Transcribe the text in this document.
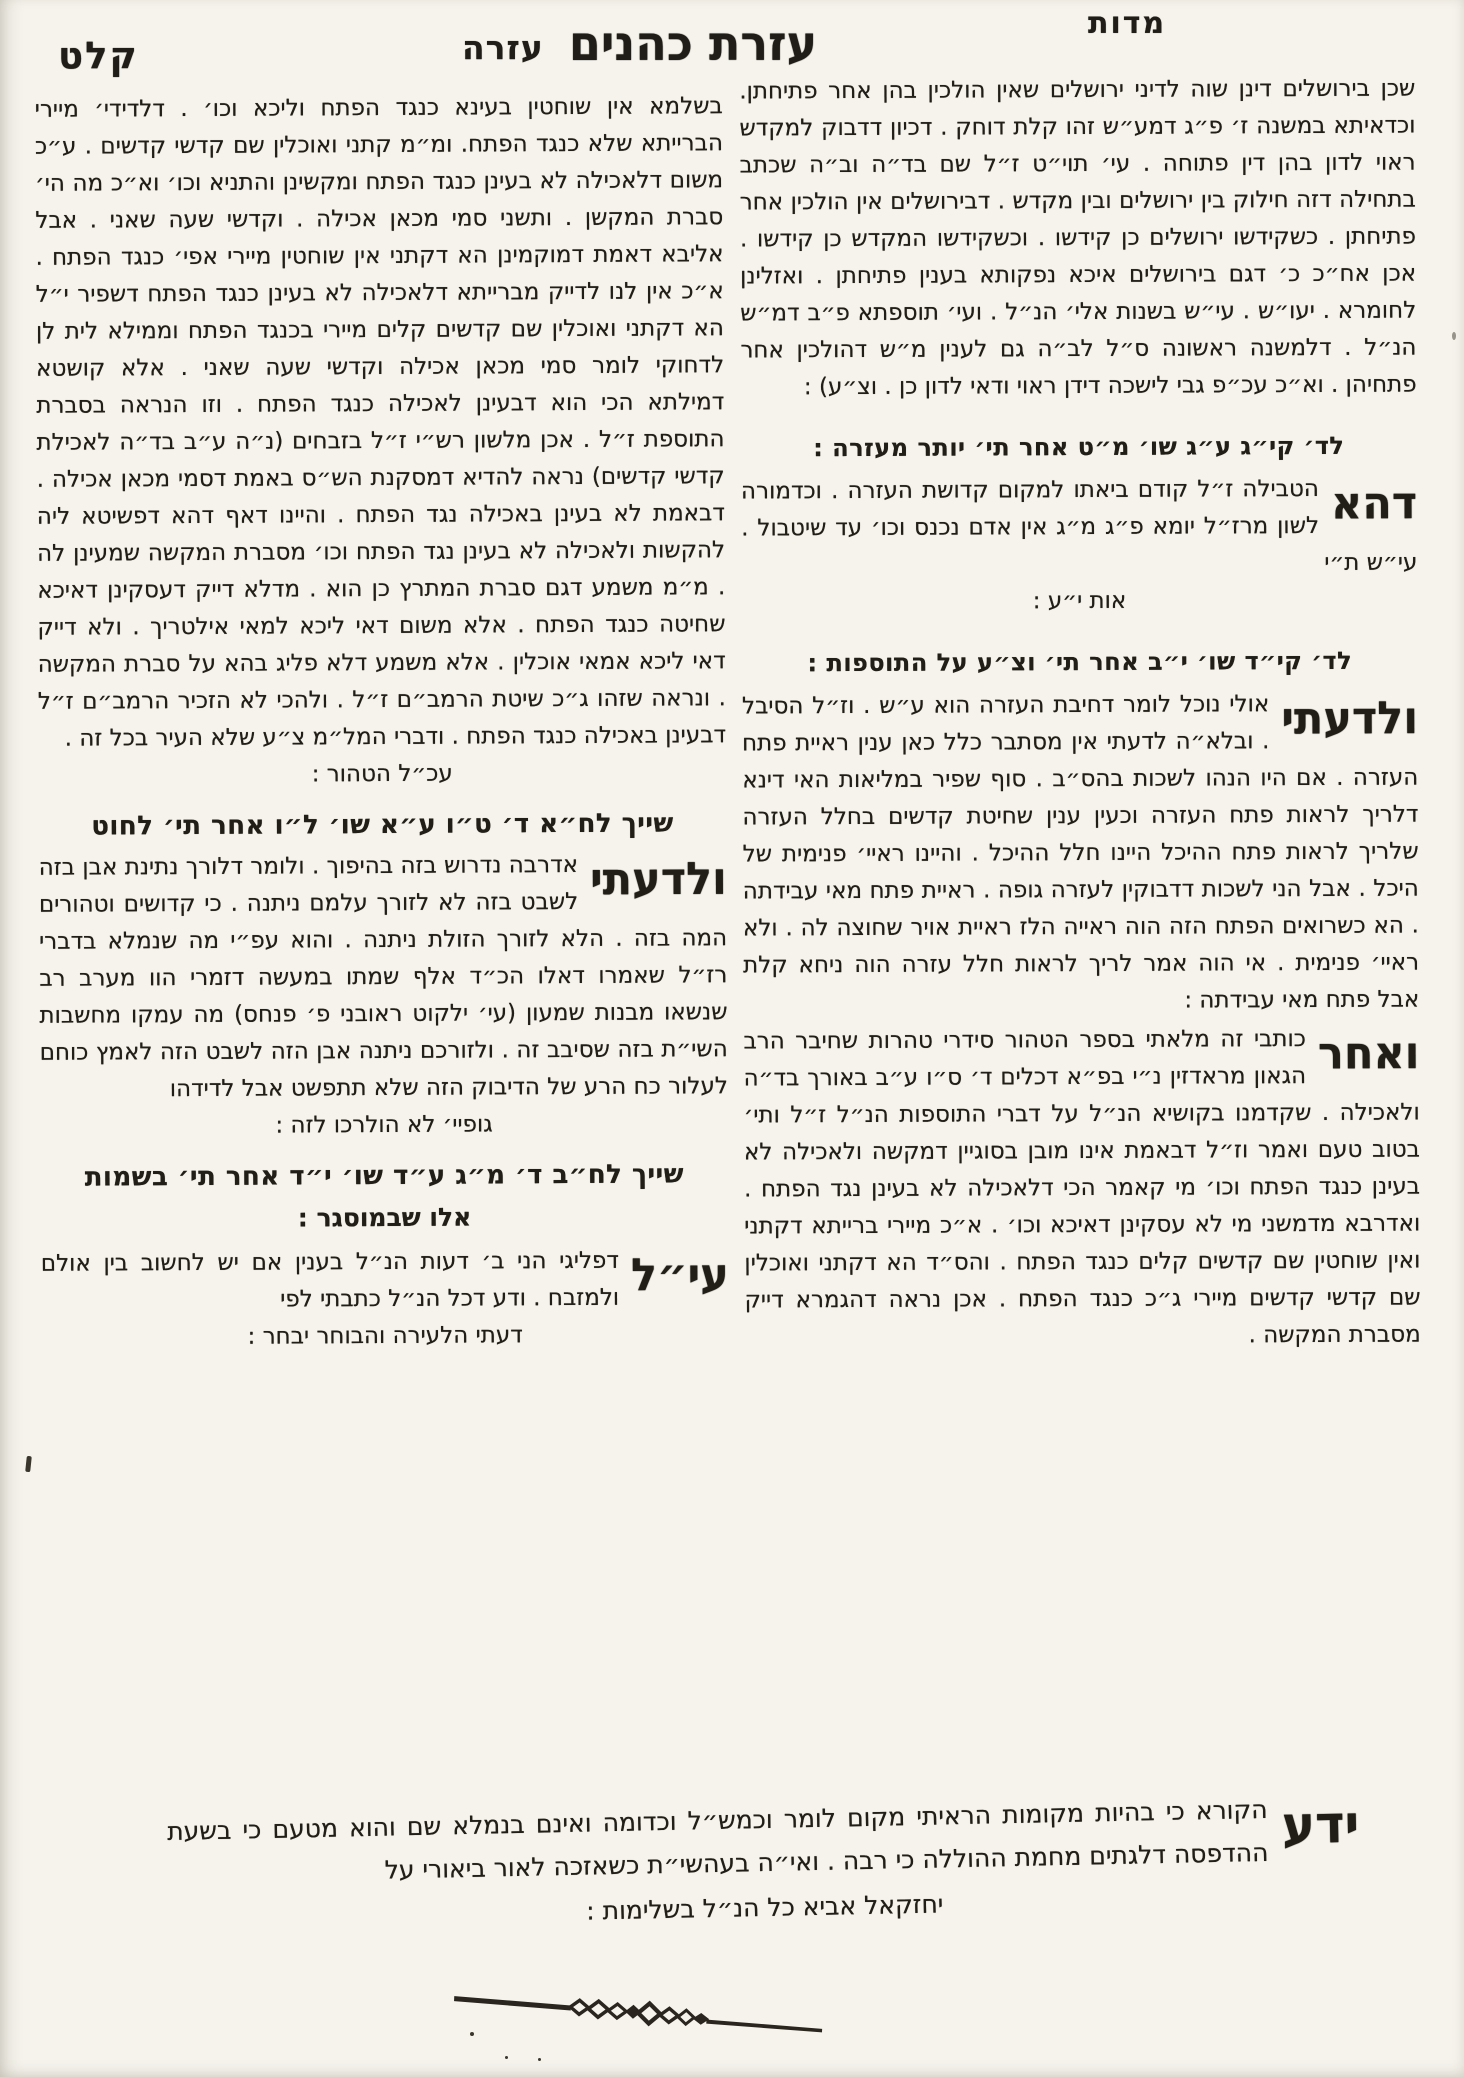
מדות
עזרת כהנים
עזרה
קלט
שכן בירושלים דינן שוה לדיני ירושלים שאין הולכין בהן אחר פתיחתן. וכדאיתא במשנה ז׳ פ״ג דמע״ש זהו קלת דוחק . דכיון דדבוק למקדש ראוי לדון בהן דין פתוחה . עי׳ תוי״ט ז״ל שם בד״ה וב״ה שכתב בתחילה דזה חילוק בין ירושלים ובין מקדש . דבירושלים אין הולכין אחר פתיחתן . כשקידשו ירושלים כן קידשו . וכשקידשו המקדש כן קידשו . אכן אח״כ כ׳ דגם בירושלים איכא נפקותא בענין פתיחתן . ואזלינן לחומרא . יעו״ש . עי״ש בשנות אלי׳ הנ״ל . ועי׳ תוספתא פ״ב דמ״ש הנ״ל . דלמשנה ראשונה ס״ל לב״ה גם לענין מ״ש דהולכין אחר פתחיהן . וא״כ עכ״פ גבי לישכה דידן ראוי ודאי לדון כן . וצ״ע) :
לד׳ קי״ג ע״ג שו׳ מ״ט אחר תי׳ יותר מעזרה :
דהא
הטבילה ז״ל קודם ביאתו למקום קדושת העזרה . וכדמורה לשון מרז״ל יומא פ״ג מ״ג אין אדם נכנס וכו׳ עד שיטבול . עי״ש ת״י
אות י״ע :
לד׳ קי״ד שו׳ י״ב אחר תי׳ וצ״ע על התוספות :
ולדעתי
אולי נוכל לומר דחיבת העזרה הוא ע״ש . וז״ל הסיבל . ובלא״ה לדעתי אין מסתבר כלל כאן ענין ראיית פתח העזרה . אם היו הנהו לשכות בהס״ב . סוף שפיר במליאות האי דינא דלריך לראות פתח העזרה וכעין ענין שחיטת קדשים בחלל העזרה שלריך לראות פתח ההיכל היינו חלל ההיכל . והיינו ראיי׳ פנימית של היכל . אבל הני לשכות דדבוקין לעזרה גופה . ראיית פתח מאי עבידתה . הא כשרואים הפתח הזה הוה ראייה הלז ראיית אויר שחוצה לה . ולא ראיי׳ פנימית . אי הוה אמר לריך לראות חלל עזרה הוה ניחא קלת אבל פתח מאי עבידתה :
ואחר
כותבי זה מלאתי בספר הטהור סידרי טהרות שחיבר הרב הגאון מראדזין נ״י בפ״א דכלים ד׳ ס״ו ע״ב באורך בד״ה ולאכילה . שקדמנו בקושיא הנ״ל על דברי התוספות הנ״ל ז״ל ותי׳ בטוב טעם ואמר וז״ל דבאמת אינו מובן בסוגיין דמקשה ולאכילה לא בעינן כנגד הפתח וכו׳ מי קאמר הכי דלאכילה לא בעינן נגד הפתח . ואדרבא מדמשני מי לא עסקינן דאיכא וכו׳ . א״כ מיירי ברייתא דקתני ואין שוחטין שם קדשים קלים כנגד הפתח . והס״ד הא דקתני ואוכלין שם קדשי קדשים מיירי ג״כ כנגד הפתח . אכן נראה דהגמרא דייק מסברת המקשה .
בשלמא אין שוחטין בעינא כנגד הפתח וליכא וכו׳ . דלדידי׳ מיירי הברייתא שלא כנגד הפתח. ומ״מ קתני ואוכלין שם קדשי קדשים . ע״כ משום דלאכילה לא בעינן כנגד הפתח ומקשינן והתניא וכו׳ וא״כ מה הי׳ סברת המקשן . ותשני סמי מכאן אכילה . וקדשי שעה שאני . אבל אליבא דאמת דמוקמינן הא דקתני אין שוחטין מיירי אפי׳ כנגד הפתח . א״כ אין לנו לדייק מברייתא דלאכילה לא בעינן כנגד הפתח דשפיר י״ל הא דקתני ואוכלין שם קדשים קלים מיירי בכנגד הפתח וממילא לית לן לדחוקי לומר סמי מכאן אכילה וקדשי שעה שאני . אלא קושטא דמילתא הכי הוא דבעינן לאכילה כנגד הפתח . וזו הנראה בסברת התוספת ז״ל . אכן מלשון רש״י ז״ל בזבחים (נ״ה ע״ב בד״ה לאכילת קדשי קדשים) נראה להדיא דמסקנת הש״ס באמת דסמי מכאן אכילה . דבאמת לא בעינן באכילה נגד הפתח . והיינו דאף דהא דפשיטא ליה להקשות ולאכילה לא בעינן נגד הפתח וכו׳ מסברת המקשה שמעינן לה . מ״מ משמע דגם סברת המתרץ כן הוא . מדלא דייק דעסקינן דאיכא שחיטה כנגד הפתח . אלא משום דאי ליכא למאי אילטריך . ולא דייק דאי ליכא אמאי אוכלין . אלא משמע דלא פליג בהא על סברת המקשה . ונראה שזהו ג״כ שיטת הרמב״ם ז״ל . ולהכי לא הזכיר הרמב״ם ז״ל דבעינן באכילה כנגד הפתח . ודברי המל״מ צ״ע שלא העיר בכל זה .
עכ״ל הטהור :
שייך לח״א ד׳ ט״ו ע״א שו׳ ל״ו אחר תי׳ לחוט
ולדעתי
אדרבה נדרוש בזה בהיפוך . ולומר דלורך נתינת אבן בזה לשבט בזה לא לזורך עלמם ניתנה . כי קדושים וטהורים המה בזה . הלא לזורך הזולת ניתנה . והוא עפ״י מה שנמלא בדברי רז״ל שאמרו דאלו הכ״ד אלף שמתו במעשה דזמרי הוו מערב רב שנשאו מבנות שמעון (עי׳ ילקוט ראובני פ׳ פנחס) מה עמקו מחשבות השי״ת בזה שסיבב זה . ולזורכם ניתנה אבן הזה לשבט הזה לאמץ כוחם לעלור כח הרע של הדיבוק הזה שלא תתפשט אבל לדידהו
גופיי׳ לא הולרכו לזה :
שייך לח״ב ד׳ מ״ג ע״ד שו׳ י״ד אחר תי׳ בשמות
אלו שבמוסגר :
עי״ל
דפליגי הני ב׳ דעות הנ״ל בענין אם יש לחשוב בין אולם ולמזבח . ודע דכל הנ״ל כתבתי לפי
דעתי הלעירה והבוחר יבחר :
ידע
הקורא כי בהיות מקומות הראיתי מקום לומר וכמש״ל וכדומה ואינם בנמלא שם והוא מטעם כי בשעת ההדפסה דלגתים מחמת ההוללה כי רבה . ואי״ה בעהשי״ת כשאזכה לאור ביאורי על
יחזקאל אביא כל הנ״ל בשלימות :
